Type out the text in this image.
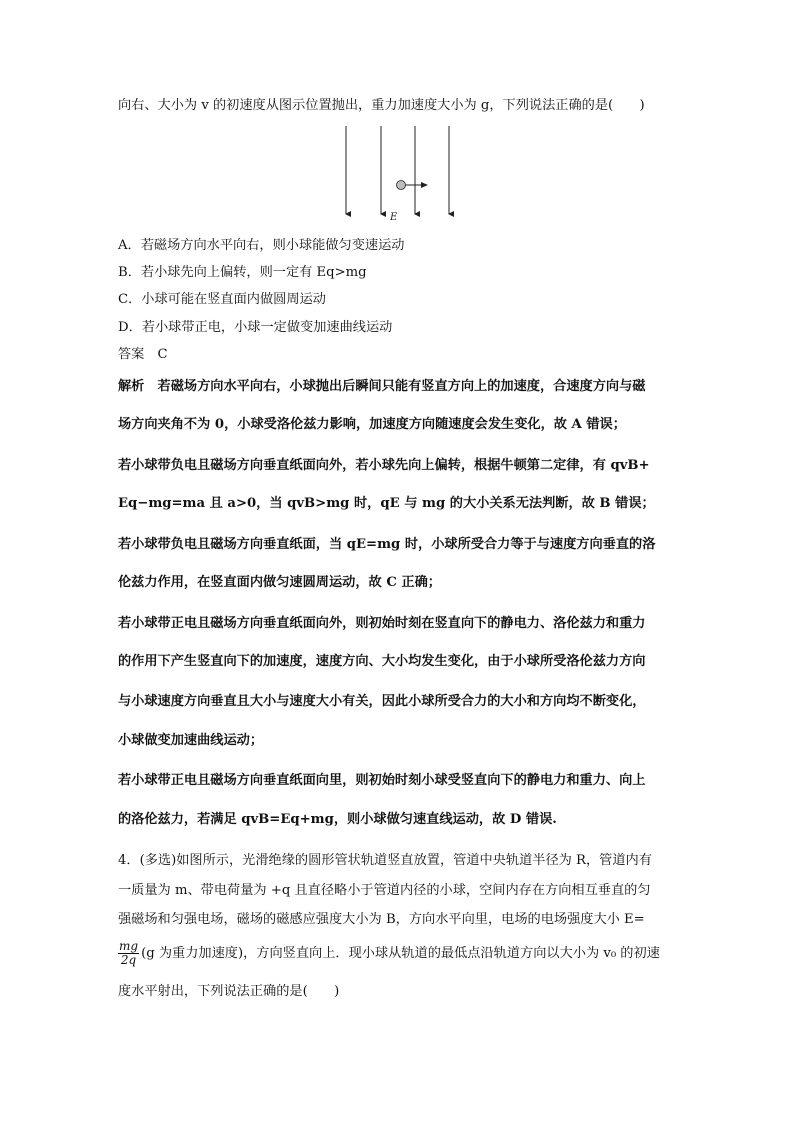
向右、大小为 v 的初速度从图示位置抛出，重力加速度大小为 g，下列说法正确的是(　　)
E
A．若磁场方向水平向右，则小球能做匀变速运动
B．若小球先向上偏转，则一定有 Eq>mg
C．小球可能在竖直面内做圆周运动
D．若小球带正电，小球一定做变加速曲线运动
答案　C
解析　若磁场方向水平向右，小球抛出后瞬间只能有竖直方向上的加速度，合速度方向与磁
场方向夹角不为 0，小球受洛伦兹力影响，加速度方向随速度会发生变化，故 A 错误；
若小球带负电且磁场方向垂直纸面向外，若小球先向上偏转，根据牛顿第二定律，有 qvB+
Eq−mg=ma 且 a>0，当 qvB>mg 时，qE 与 mg 的大小关系无法判断，故 B 错误；
若小球带负电且磁场方向垂直纸面，当 qE=mg 时，小球所受合力等于与速度方向垂直的洛
伦兹力作用，在竖直面内做匀速圆周运动，故 C 正确；
若小球带正电且磁场方向垂直纸面向外，则初始时刻在竖直向下的静电力、洛伦兹力和重力
的作用下产生竖直向下的加速度，速度方向、大小均发生变化，由于小球所受洛伦兹力方向
与小球速度方向垂直且大小与速度大小有关，因此小球所受合力的大小和方向均不断变化，
小球做变加速曲线运动；
若小球带正电且磁场方向垂直纸面向里，则初始时刻小球受竖直向下的静电力和重力、向上
的洛伦兹力，若满足 qvB=Eq+mg，则小球做匀速直线运动，故 D 错误.
4．(多选)如图所示，光滑绝缘的圆形管状轨道竖直放置，管道中央轨道半径为 R，管道内有
一质量为 m、带电荷量为 +q 且直径略小于管道内径的小球，空间内存在方向相互垂直的匀
强磁场和匀强电场，磁场的磁感应强度大小为 B，方向水平向里，电场的电场强度大小 E=
$\frac{mg}{2q} (g$ 为重力加速度)，方向竖直向上．现小球从轨道的最低点沿轨道方向以大小为 v₀ 的初速
度水平射出，下列说法正确的是(　　)
